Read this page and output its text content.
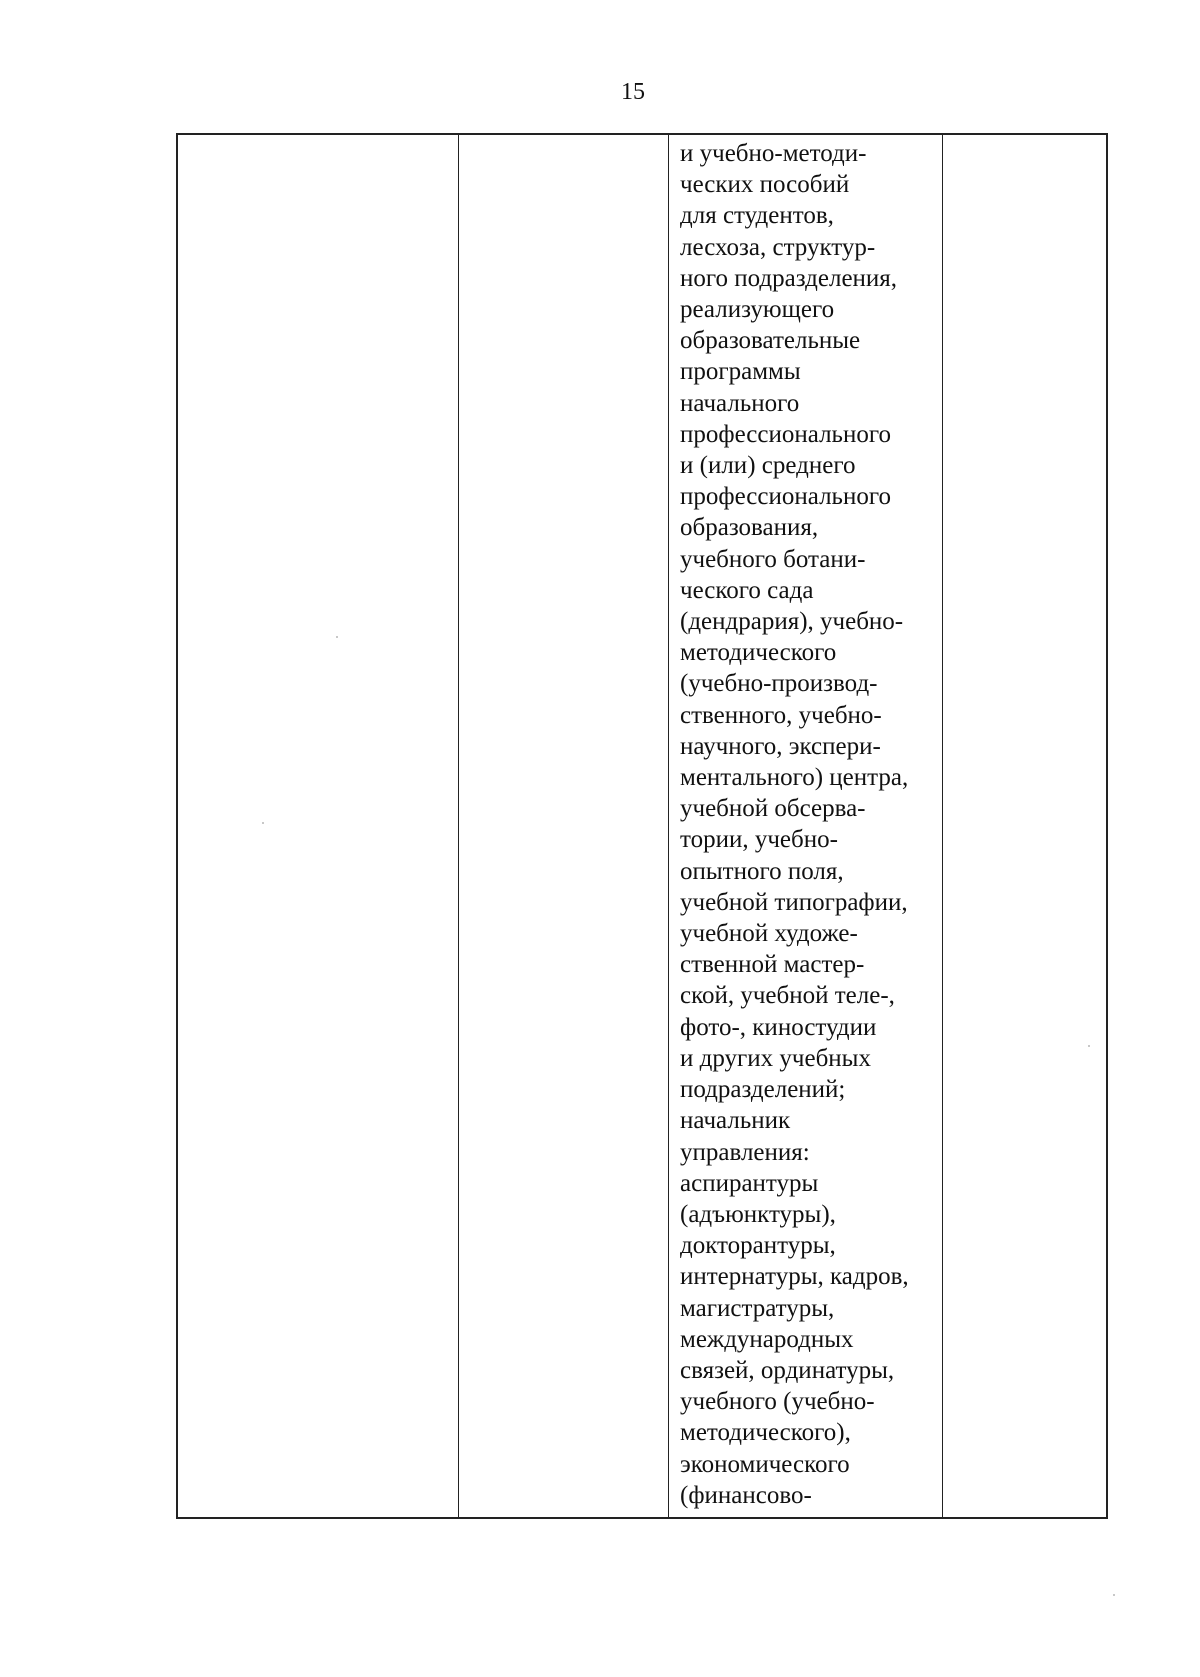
15
и учебно-методи-
ческих пособий
для студентов,
лесхоза, структур-
ного подразделения,
реализующего
образовательные
программы
начального
профессионального
и (или) среднего
профессионального
образования,
учебного ботани-
ческого сада
(дендрария), учебно-
методического
(учебно-производ-
ственного, учебно-
научного, экспери-
ментального) центра,
учебной обсерва-
тории, учебно-
опытного поля,
учебной типографии,
учебной художе-
ственной мастер-
ской, учебной теле-,
фото-, киностудии
и других учебных
подразделений;
начальник
управления:
аспирантуры
(адъюнктуры),
докторантуры,
интернатуры, кадров,
магистратуры,
международных
связей, ординатуры,
учебного (учебно-
методического),
экономического
(финансово-
